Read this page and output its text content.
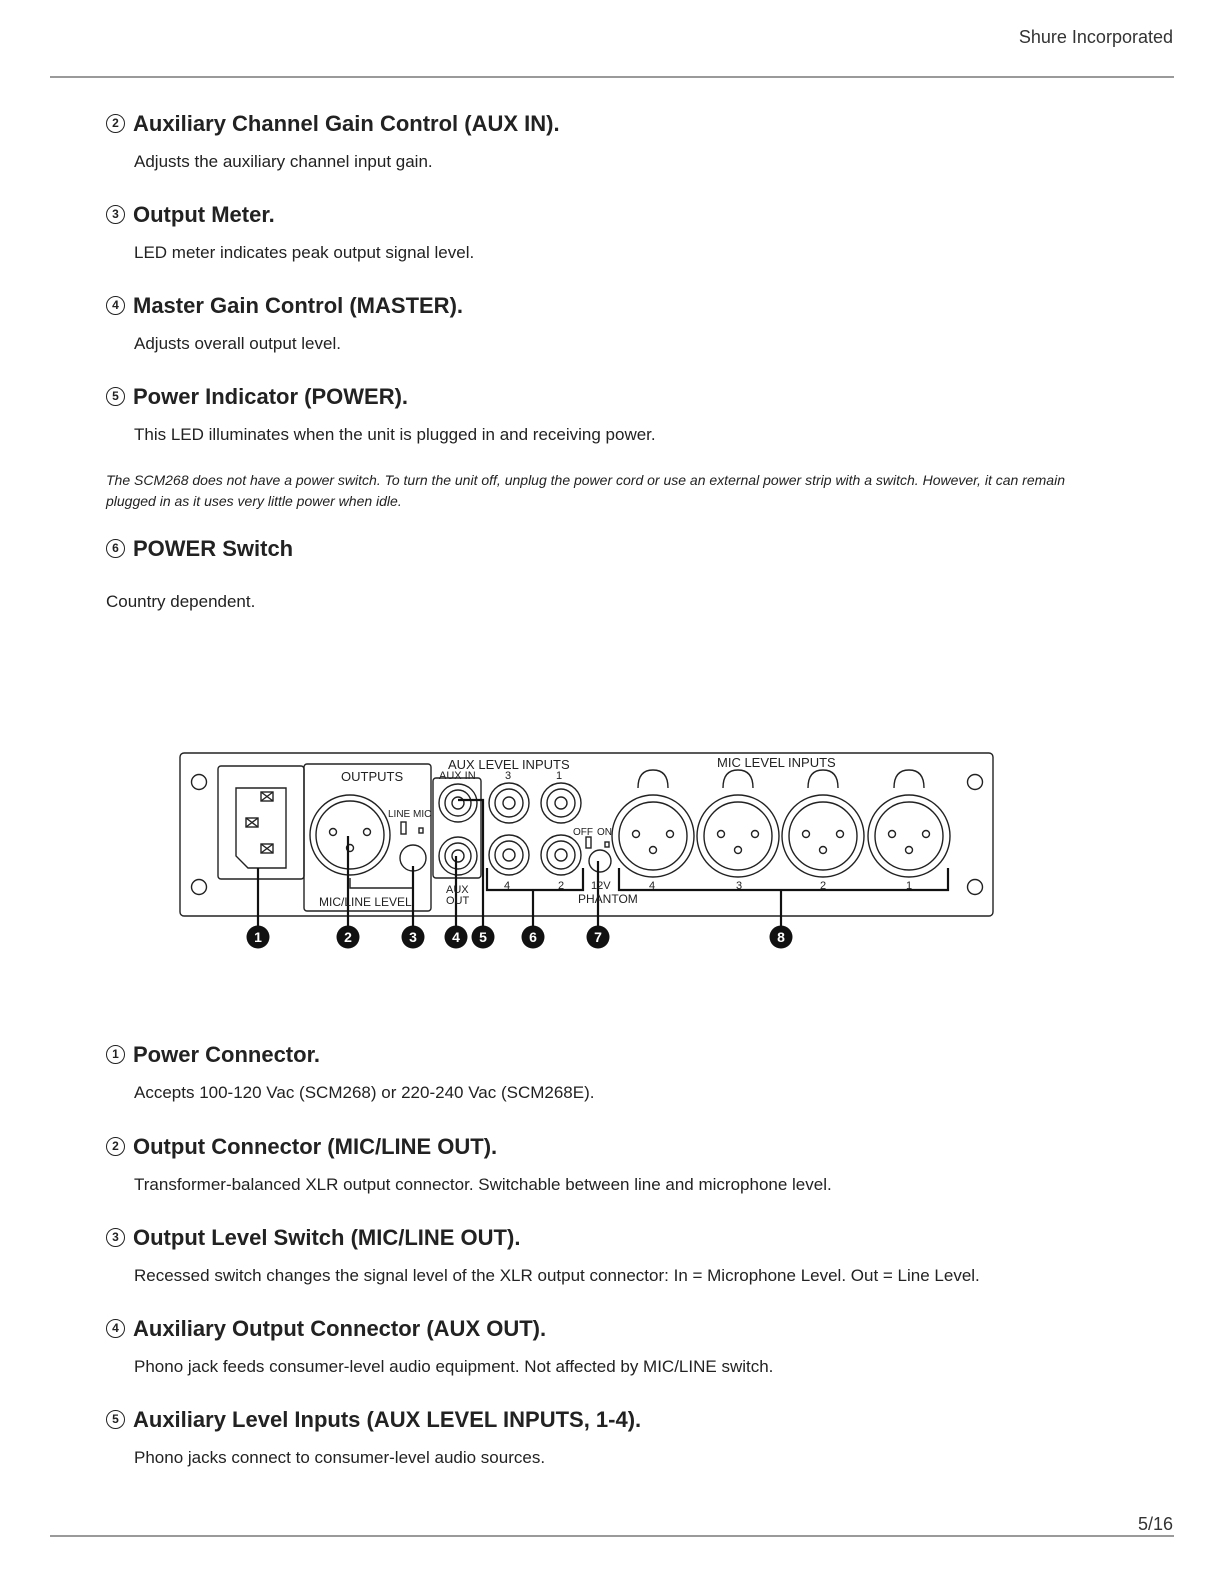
Shure Incorporated
2 Auxiliary Channel Gain Control (AUX IN).

Adjusts the auxiliary channel input gain.

3 Output Meter.

LED meter indicates peak output signal level.

4 Master Gain Control (MASTER).

Adjusts overall output level.

5 Power Indicator (POWER).

This LED illuminates when the unit is plugged in and receiving power.

The SCM268 does not have a power switch. To turn the unit off, unplug the power cord or use an external power strip with a switch. However, it can remain plugged in as it uses very little power when idle.
6 POWER Switch
Country dependent.
OUTPUTS
AUX LEVEL INPUTS	MIC LEVEL INPUTS
MIC/LINE LEVEL	PHANTOM
AUX IN
LINE MIC
AUX
OUT
OFF ON
12V
3	1
4	2	4	3	2	1
1	2	3	4 5	6	7	8
1 Power Connector.

Accepts 100-120 Vac (SCM268) or 220-240 Vac (SCM268E).

2 Output Connector (MIC/LINE OUT).

Transformer-balanced XLR output connector. Switchable between line and microphone level.

3 Output Level Switch (MIC/LINE OUT).

Recessed switch changes the signal level of the XLR output connector: In = Microphone Level. Out = Line Level.

4 Auxiliary Output Connector (AUX OUT).

Phono jack feeds consumer-level audio equipment. Not affected by MIC/LINE switch.

5 Auxiliary Level Inputs (AUX LEVEL INPUTS, 1-4).

Phono jacks connect to consumer-level audio sources.

5/16
